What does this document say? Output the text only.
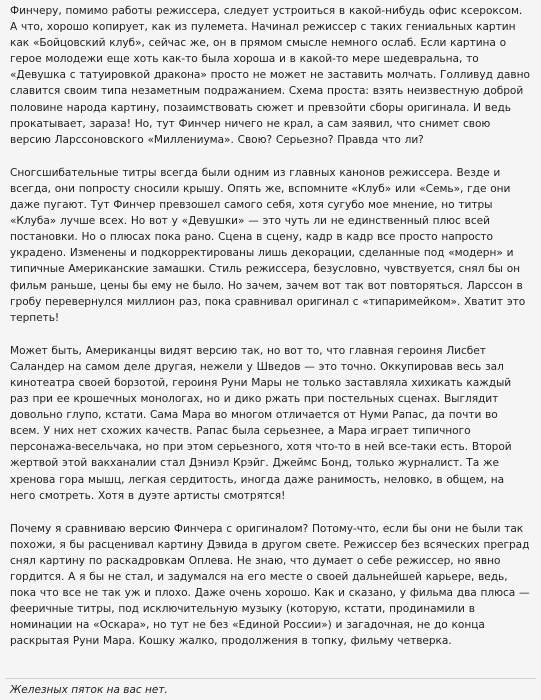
Финчеру, помимо работы режиссера, следует устроиться в какой-нибудь офис ксероксом. А что, хорошо копирует, как из пулемета. Начинал режиссер с таких гениальных картин как «Бойцовский клуб», сейчас же, он в прямом смысле немного ослаб. Если картина о герое молодежи еще хоть как-то была хороша и в какой-то мере шедевральна, то «Девушка с татуировкой дракона» просто не может не заставить молчать. Голливуд давно славится своим типа незаметным подражанием. Схема проста: взять неизвестную доброй половине народа картину, позаимствовать сюжет и превзойти сборы оригинала. И ведь прокатывает, зараза! Но, тут Финчер ничего не крал, а сам заявил, что снимет свою версию Ларссоновского «Миллениума». Свою? Серьезно? Правда что ли?

Сногсшибательные титры всегда были одним из главных канонов режиссера. Везде и всегда, они попросту сносили крышу. Опять же, вспомните «Клуб» или «Семь», где они даже пугают. Тут Финчер превзошел самого себя, хотя сугубо мое мнение, но титры «Клуба» лучше всех. Но вот у «Девушки» — это чуть ли не единственный плюс всей постановки. Но о плюсах пока рано. Сцена в сцену, кадр в кадр все просто напросто украдено. Изменены и подкорректированы лишь декорации, сделанные под «модерн» и типичные Американские замашки. Стиль режиссера, безусловно, чувствуется, снял бы он фильм раньше, цены бы ему не было. Но зачем, зачем вот так вот повторяться. Ларссон в гробу перевернулся миллион раз, пока сравнивал оригинал с «типаримейком». Хватит это терпеть!

Может быть, Американцы видят версию так, но вот то, что главная героиня Лисбет Саландер на самом деле другая, нежели у Шведов — это точно. Оккупировав весь зал кинотеатра своей борзотой, героиня Руни Мары не только заставляла хихикать каждый раз при ее крошечных монологах, но и дико ржать при постельных сценах. Выглядит довольно глупо, кстати. Сама Мара во многом отличается от Нуми Рапас, да почти во всем. У них нет схожих качеств. Рапас была серьезнее, а Мара играет типичного персонажа-весельчака, но при этом серьезного, хотя что-то в ней все-таки есть. Второй жертвой этой вакханалии стал Дэниэл Крэйг. Джеймс Бонд, только журналист. Та же хренова гора мышц, легкая сердитость, иногда даже ранимость, неловко, в общем, на него смотреть. Хотя в дуэте артисты смотрятся!

Почему я сравниваю версию Финчера с оригиналом? Потому-что, если бы они не были так похожи, я бы расценивал картину Дэвида в другом свете. Режиссер без всяческих преград снял картину по раскадровкам Оплева. Не знаю, что думает о себе режиссер, но явно гордится. А я бы не стал, и задумался на его месте о своей дальнейшей карьере, ведь, пока что все не так уж и плохо. Даже очень хорошо. Как и сказано, у фильма два плюса — фееричные титры, под исключительную музыку (которую, кстати, продинамили в номинации на «Оскара», но тут не без «Единой России») и загадочная, не до конца раскрытая Руни Мара. Кошку жалко, продолжения в топку, фильму четверка.

Железных пяток на вас нет.
